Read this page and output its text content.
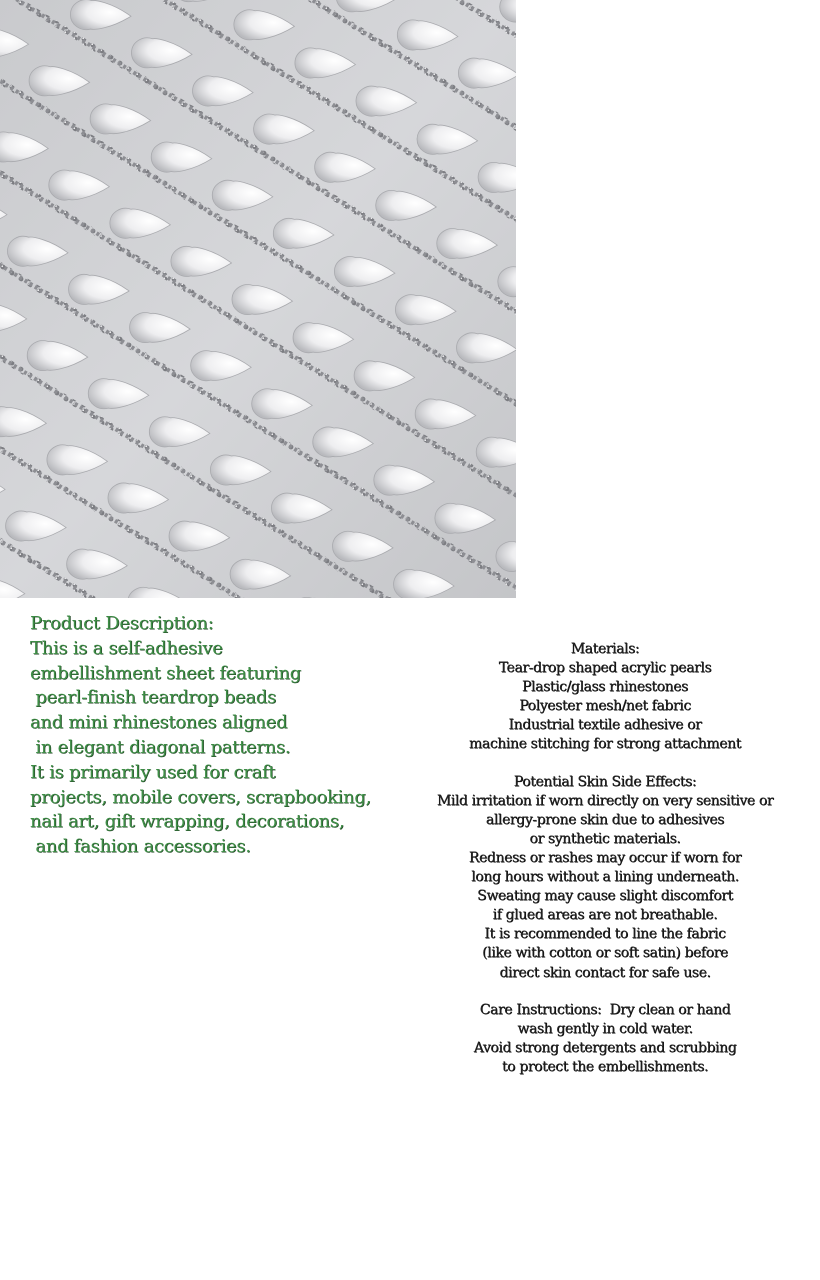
Product Description:
This is a self-adhesive
embellishment sheet featuring
pearl-finish teardrop beads
and mini rhinestones aligned
in elegant diagonal patterns.
It is primarily used for craft
projects, mobile covers, scrapbooking,
nail art, gift wrapping, decorations,
and fashion accessories.
Materials:
Tear-drop shaped acrylic pearls
Plastic/glass rhinestones
Polyester mesh/net fabric
Industrial textile adhesive or
machine stitching for strong attachment
Potential Skin Side Effects:
Mild irritation if worn directly on very sensitive or
allergy-prone skin due to adhesives
or synthetic materials.
Redness or rashes may occur if worn for
long hours without a lining underneath.
Sweating may cause slight discomfort
if glued areas are not breathable.
It is recommended to line the fabric
(like with cotton or soft satin) before
direct skin contact for safe use.
Care Instructions:  Dry clean or hand
wash gently in cold water.
Avoid strong detergents and scrubbing
to protect the embellishments.
